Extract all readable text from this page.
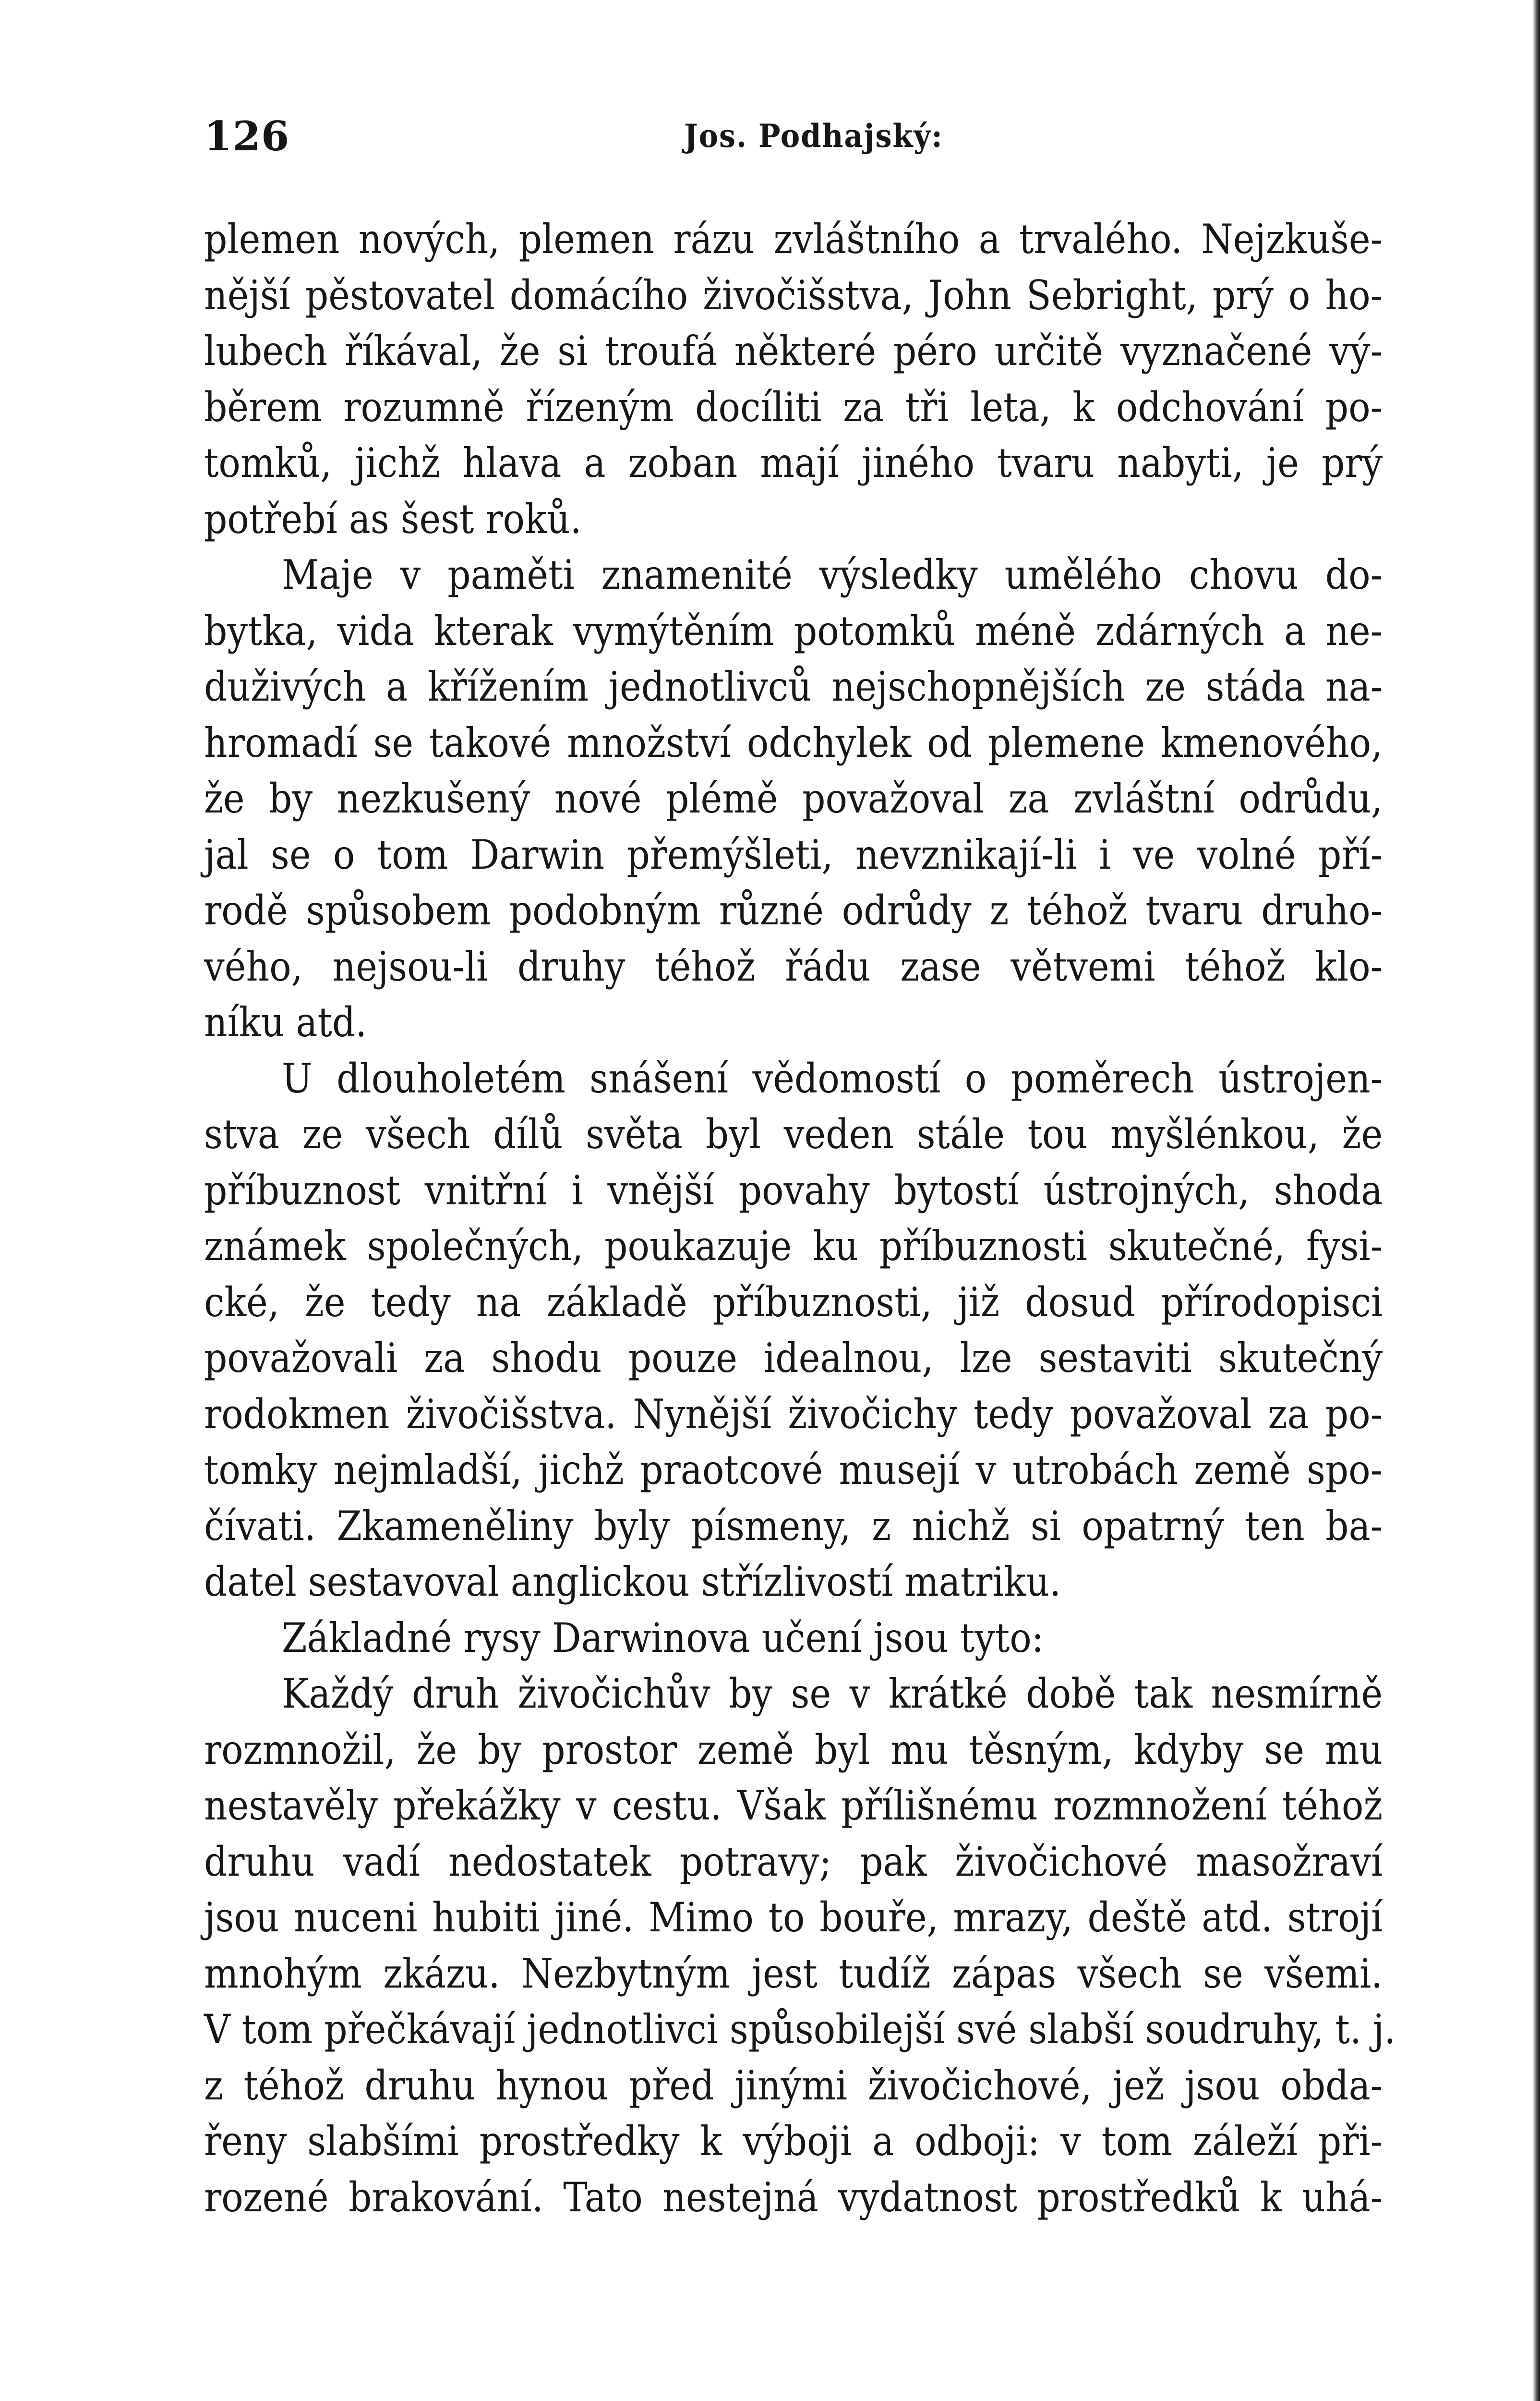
126	Jos. Podhajský:
plemen nových, plemen rázu zvláštního a trvalého. Nejzkuše-
nější pěstovatel domácího živočišstva, John Sebright, prý o ho-
lubech říkával, že si troufá některé péro určitě vyznačené vý-
běrem rozumně řízeným docíliti za tři leta, k odchování po-
tomků, jichž hlava a zoban mají jiného tvaru nabyti, je prý
potřebí as šest roků.
Maje v paměti znamenité výsledky umělého chovu do-
bytka, vida kterak vymýtěním potomků méně zdárných a ne-
duživých a křížením jednotlivců nejschopnějších ze stáda na-
hromadí se takové množství odchylek od plemene kmenového,
že by nezkušený nové plémě považoval za zvláštní odrůdu,
jal se o tom Darwin přemýšleti, nevznikají-li i ve volné pří-
rodě spůsobem podobným různé odrůdy z téhož tvaru druho-
vého, nejsou-li druhy téhož řádu zase větvemi téhož klo-
níku atd.
U dlouholetém snášení vědomostí o poměrech ústrojen-
stva ze všech dílů světa byl veden stále tou myšlénkou, že
příbuznost vnitřní i vnější povahy bytostí ústrojných, shoda
známek společných, poukazuje ku příbuznosti skutečné, fysi-
cké, že tedy na základě příbuznosti, již dosud přírodopisci
považovali za shodu pouze idealnou, lze sestaviti skutečný
rodokmen živočišstva. Nynější živočichy tedy považoval za po-
tomky nejmladší, jichž praotcové musejí v utrobách země spo-
čívati. Zkameněliny byly písmeny, z nichž si opatrný ten ba-
datel sestavoval anglickou střízlivostí matriku.
Základné rysy Darwinova učení jsou tyto:
Každý druh živočichův by se v krátké době tak nesmírně
rozmnožil, že by prostor země byl mu těsným, kdyby se mu
nestavěly překážky v cestu. Však přílišnému rozmnožení téhož
druhu vadí nedostatek potravy; pak živočichové masožraví
jsou nuceni hubiti jiné. Mimo to bouře, mrazy, deště atd. strojí
mnohým zkázu. Nezbytným jest tudíž zápas všech se všemi.
V tom přečkávají jednotlivci spůsobilejší své slabší soudruhy, t. j.
z téhož druhu hynou před jinými živočichové, jež jsou obda-
řeny slabšími prostředky k výboji a odboji: v tom záleží při-
rozené brakování. Tato nestejná vydatnost prostředků k uhá-
